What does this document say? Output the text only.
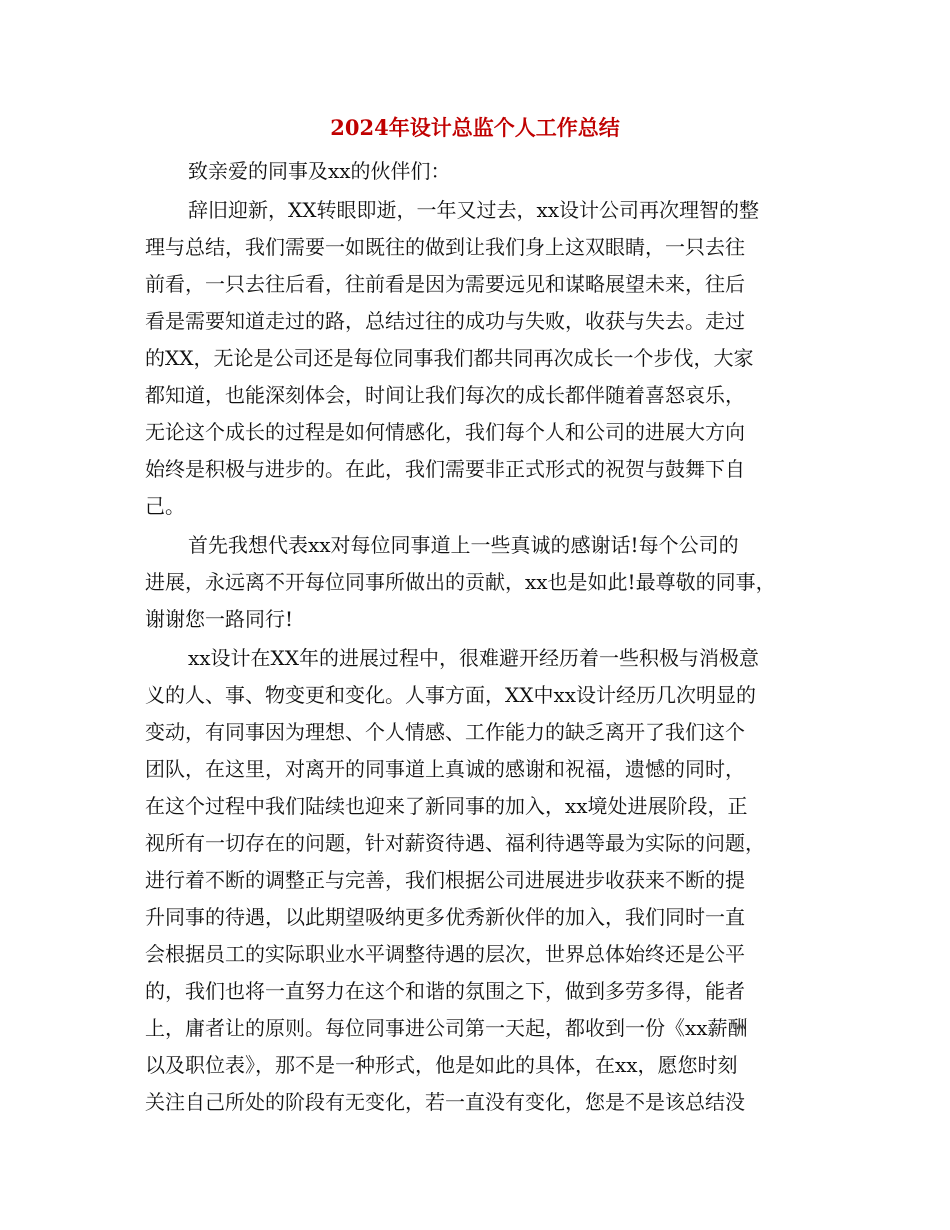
2024年设计总监个人工作总结
致亲爱的同事及xx的伙伴们：
辞旧迎新，XX转眼即逝，一年又过去，xx设计公司再次理智的整
理与总结，我们需要一如既往的做到让我们身上这双眼睛，一只去往
前看，一只去往后看，往前看是因为需要远见和谋略展望未来，往后
看是需要知道走过的路，总结过往的成功与失败，收获与失去。走过
的XX，无论是公司还是每位同事我们都共同再次成长一个步伐，大家
都知道，也能深刻体会，时间让我们每次的成长都伴随着喜怒哀乐，
无论这个成长的过程是如何情感化，我们每个人和公司的进展大方向
始终是积极与进步的。在此，我们需要非正式形式的祝贺与鼓舞下自
己。
首先我想代表xx对每位同事道上一些真诚的感谢话!每个公司的
进展，永远离不开每位同事所做出的贡献，xx也是如此!最尊敬的同事，
谢谢您一路同行!
xx设计在XX年的进展过程中，很难避开经历着一些积极与消极意
义的人、事、物变更和变化。人事方面，XX中xx设计经历几次明显的
变动，有同事因为理想、个人情感、工作能力的缺乏离开了我们这个
团队，在这里，对离开的同事道上真诚的感谢和祝福，遗憾的同时，
在这个过程中我们陆续也迎来了新同事的加入，xx境处进展阶段，正
视所有一切存在的问题，针对薪资待遇、福利待遇等最为实际的问题，
进行着不断的调整正与完善，我们根据公司进展进步收获来不断的提
升同事的待遇，以此期望吸纳更多优秀新伙伴的加入，我们同时一直
会根据员工的实际职业水平调整待遇的层次，世界总体始终还是公平
的，我们也将一直努力在这个和谐的氛围之下，做到多劳多得，能者
上，庸者让的原则。每位同事进公司第一天起，都收到一份《xx薪酬
以及职位表》，那不是一种形式，他是如此的具体，在xx，愿您时刻
关注自己所处的阶段有无变化，若一直没有变化，您是不是该总结没
